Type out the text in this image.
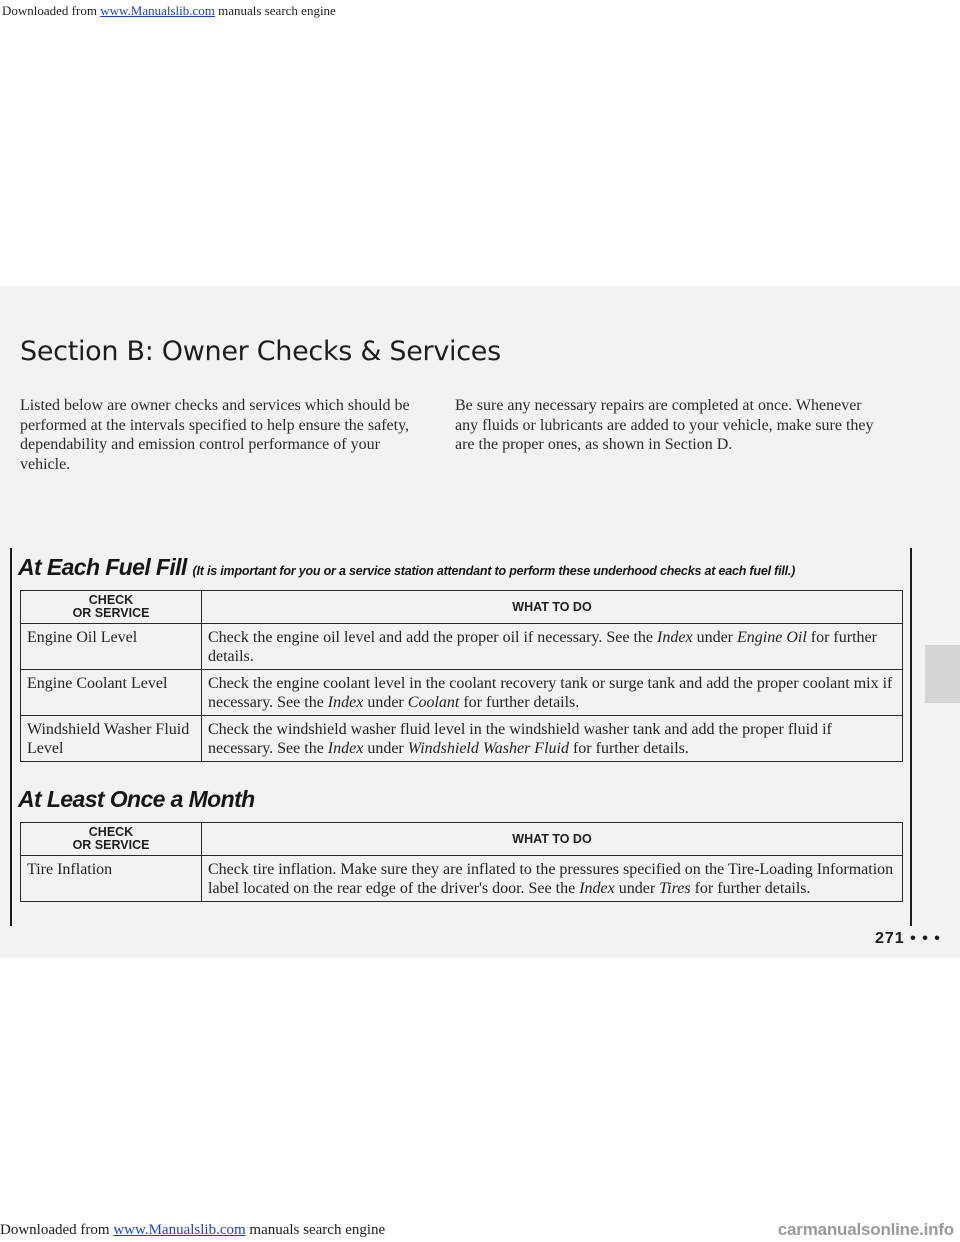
Downloaded from www.Manualslib.com manuals search engine
Section B: Owner Checks & Services

Listed below are owner checks and services which should be performed at the intervals specified to help ensure the safety, dependability and emission control performance of your vehicle.

Be sure any necessary repairs are completed at once. Whenever any fluids or lubricants are added to your vehicle, make sure they are the proper ones, as shown in Section D.

At Each Fuel Fill (It is important for you or a service station attendant to perform these underhood checks at each fuel fill.)
CHECK
OR SERVICE	WHAT TO DO
Engine Oil Level	Check the engine oil level and add the proper oil if necessary. See the Index under Engine Oil for further details.
Engine Coolant Level	Check the engine coolant level in the coolant recovery tank or surge tank and add the proper coolant mix if necessary. See the Index under Coolant for further details.
Windshield Washer Fluid Level	Check the windshield washer fluid level in the windshield washer tank and add the proper fluid if necessary. See the Index under Windshield Washer Fluid for further details.
At Least Once a Month
CHECK
OR SERVICE	WHAT TO DO
Tire Inflation	Check tire inflation. Make sure they are inflated to the pressures specified on the Tire-Loading Information label located on the rear edge of the driver's door. See the Index under Tires for further details.

271 • • •

Downloaded from www.Manualslib.com manuals search engine	carmanualsonline.info
